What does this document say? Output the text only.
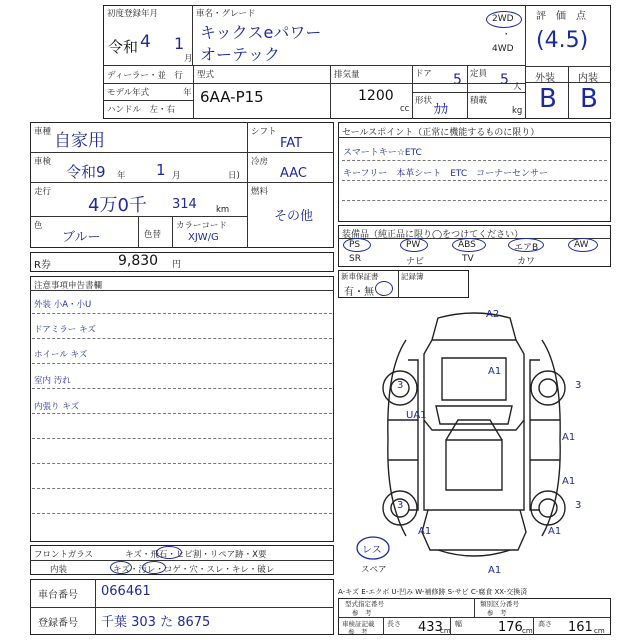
初度登録年月
令和 4 1
月
車名・グレード
キックスeパワー
オーテック
2WD
・
4WD
評　価　点
(4.5)
ディーラー・並　行
モデル年式　　　　年
ハンドル　左・右
型式
6AA-P15
排気量
1200
cc
ドア 5 定員 5 人
形状
ｶｶ
積載
kg
外装 内装
B B
車種 自家用
車検
令和9 年 1 月	日)
走行
4万0千 314 km
色
ブルー	色替
カラーコード
XJW/G
シフト
FAT
冷房
AAC
燃料
その他
R券	9,830 円
セールスポイント（正常に機能するものに限り）
スマートキー☆ETC
キーフリー　本革シート　ETC　コーナーセンサー
装備品（純正品に限り◯をつけてください）
PS	PW	ABS	エアB	AW
SR	ナビ	TV	カワ
新車保証書
有・無
記録簿
注意事項申告書欄
外装 小A・小U
ドアミラー キズ
ホイール キズ
室内 汚れ
内張り キズ
A2
A1
3	3
UA1
A1
A1
3	3
A1	A1
A1
レス
スペア
A-キズ E-エクボ U-凹み W-補修跡 S-サビ C-腐食 XX-交換済
フロントガラス	キズ・飛石・ヒビ割・リペア跡・X要
内装	キズ・汚レ・コゲ・穴・スレ・キレ・破レ
車台番号 066461
登録番号 千葉 303 た 8675
型式指定番号
参　考
類別区分番号
参　考
車検証記載
参　考
長さ 433
cm
幅	176 cm
高さ 161 cm
